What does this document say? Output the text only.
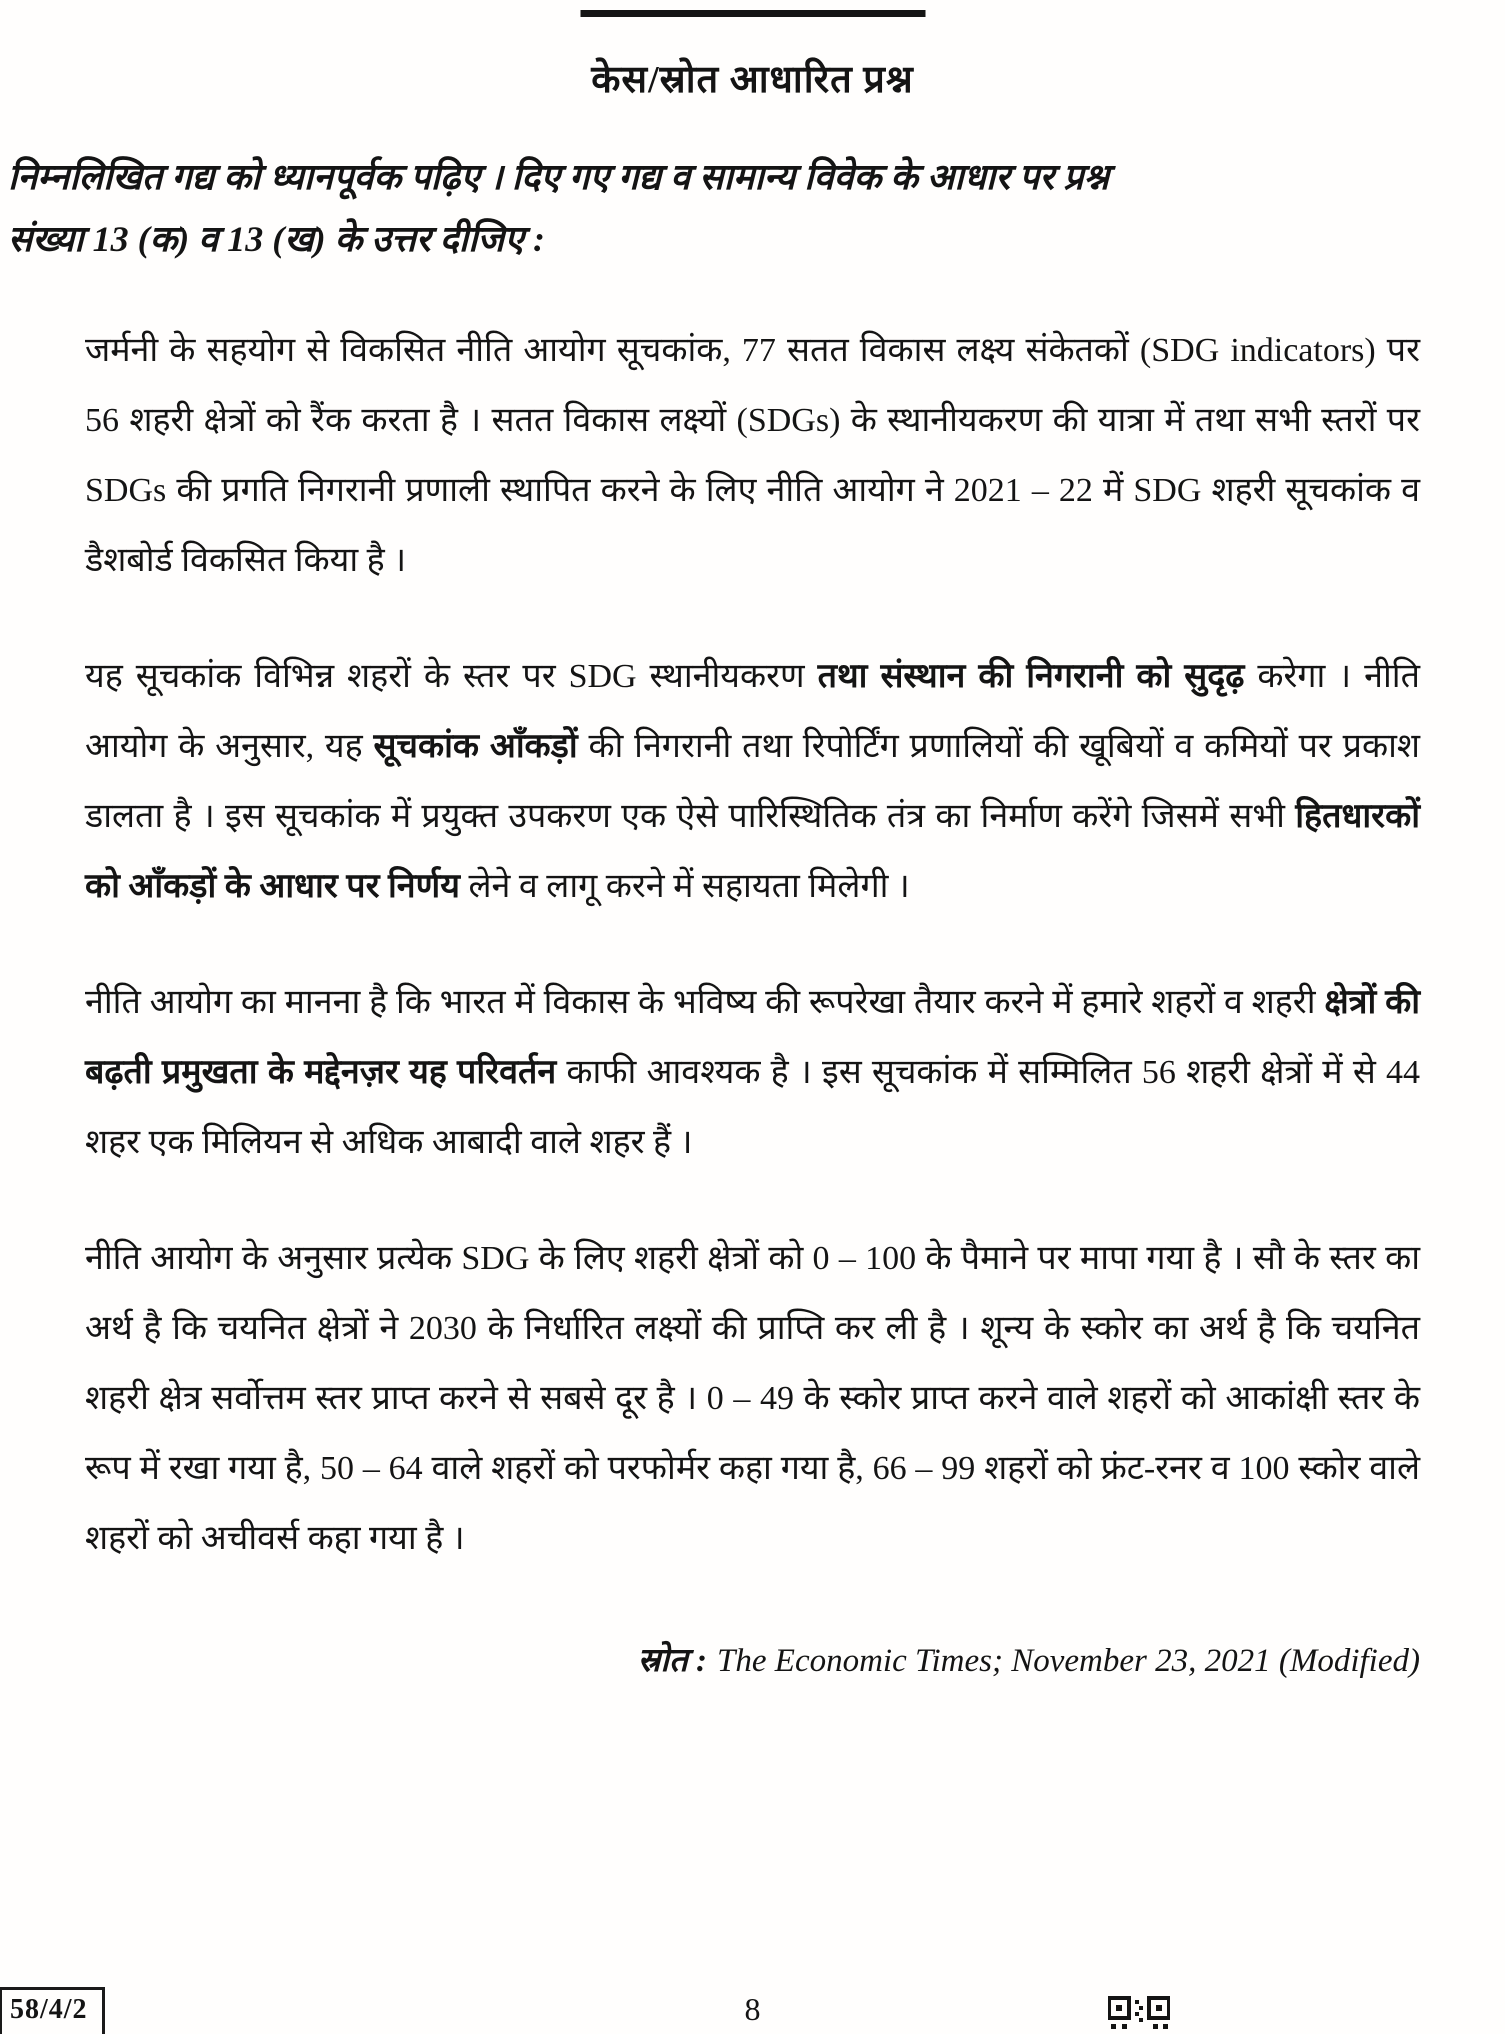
केस/स्रोत आधारित प्रश्न
निम्नलिखित गद्य को ध्यानपूर्वक पढ़िए । दिए गए गद्य व सामान्य विवेक के आधार पर प्रश्न
संख्या 13 (क) व 13 (ख) के उत्तर दीजिए :

जर्मनी के सहयोग से विकसित नीति आयोग सूचकांक, 77 सतत विकास लक्ष्य संकेतकों (SDG indicators) पर 56 शहरी क्षेत्रों को रैंक करता है । सतत विकास लक्ष्यों (SDGs) के स्थानीयकरण की यात्रा में तथा सभी स्तरों पर SDGs की प्रगति निगरानी प्रणाली स्थापित करने के लिए नीति आयोग ने 2021 – 22 में SDG शहरी सूचकांक व डैशबोर्ड विकसित किया है ।

यह सूचकांक विभिन्न शहरों के स्तर पर SDG स्थानीयकरण तथा संस्थान की निगरानी को सुदृढ़ करेगा । नीति आयोग के अनुसार, यह सूचकांक आँकड़ों की निगरानी तथा रिपोर्टिंग प्रणालियों की खूबियों व कमियों पर प्रकाश डालता है । इस सूचकांक में प्रयुक्त उपकरण एक ऐसे पारिस्थितिक तंत्र का निर्माण करेंगे जिसमें सभी हितधारकों को आँकड़ों के आधार पर निर्णय लेने व लागू करने में सहायता मिलेगी ।

नीति आयोग का मानना है कि भारत में विकास के भविष्य की रूपरेखा तैयार करने में हमारे शहरों व शहरी क्षेत्रों की बढ़ती प्रमुखता के मद्देनज़र यह परिवर्तन काफी आवश्यक है । इस सूचकांक में सम्मिलित 56 शहरी क्षेत्रों में से 44 शहर एक मिलियन से अधिक आबादी वाले शहर हैं ।

नीति आयोग के अनुसार प्रत्येक SDG के लिए शहरी क्षेत्रों को 0 – 100 के पैमाने पर मापा गया है । सौ के स्तर का अर्थ है कि चयनित क्षेत्रों ने 2030 के निर्धारित लक्ष्यों की प्राप्ति कर ली है । शून्य के स्कोर का अर्थ है कि चयनित शहरी क्षेत्र सर्वोत्तम स्तर प्राप्त करने से सबसे दूर है । 0 – 49 के स्कोर प्राप्त करने वाले शहरों को आकांक्षी स्तर के रूप में रखा गया है, 50 – 64 वाले शहरों को परफोर्मर कहा गया है, 66 – 99 शहरों को फ्रंट-रनर व 100 स्कोर वाले शहरों को अचीवर्स कहा गया है ।

स्रोत : The Economic Times; November 23, 2021 (Modified)
58/4/2	8
